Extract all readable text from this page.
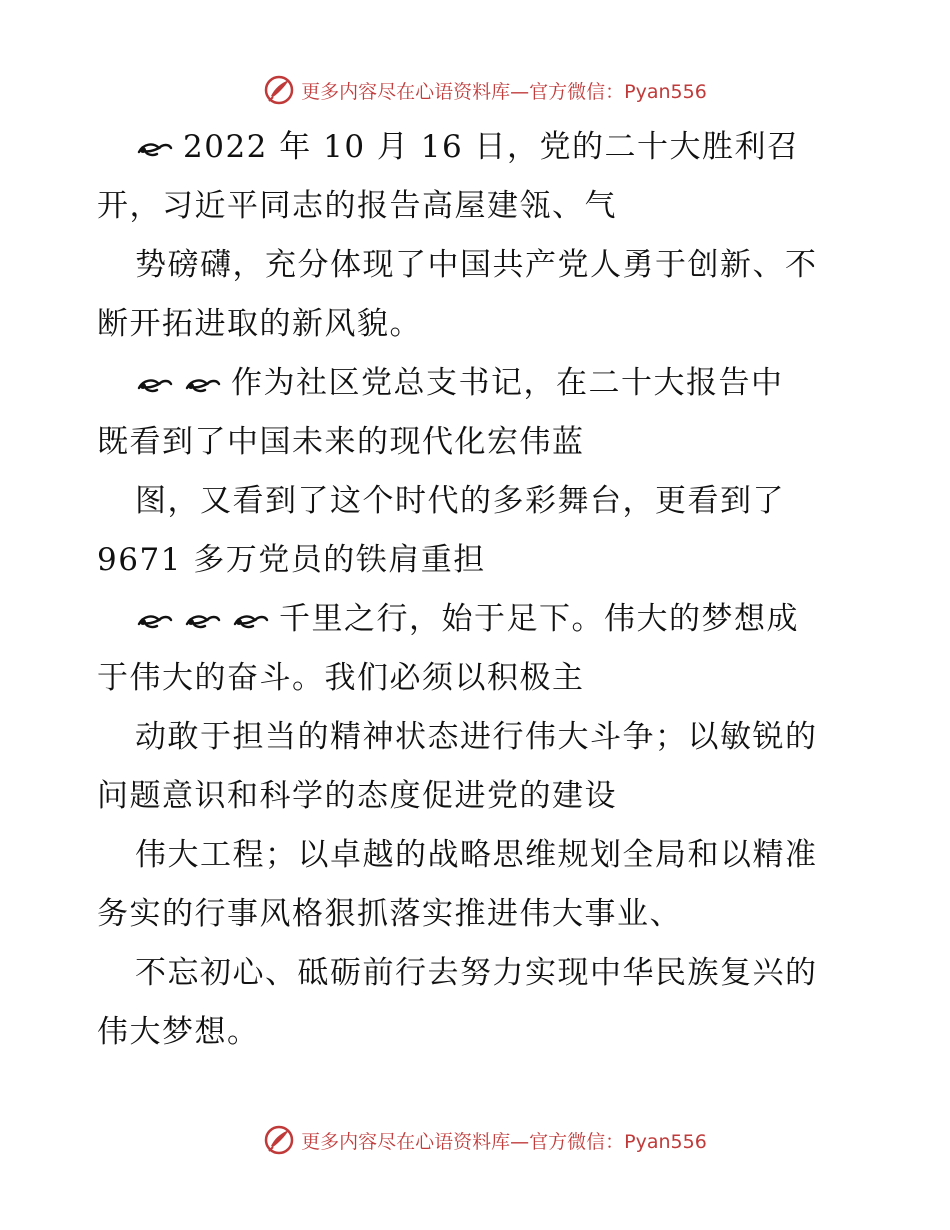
更多内容尽在心语资料库—官方微信：Pyan556
2022 年 10 月 16 日，党的二十大胜利召
开，习近平同志的报告高屋建瓴、气
势磅礴，充分体现了中国共产党人勇于创新、不
断开拓进取的新风貌。
作为社区党总支书记，在二十大报告中
既看到了中国未来的现代化宏伟蓝
图，又看到了这个时代的多彩舞台，更看到了
9671 多万党员的铁肩重担
千里之行，始于足下。伟大的梦想成
于伟大的奋斗。我们必须以积极主
动敢于担当的精神状态进行伟大斗争；以敏锐的
问题意识和科学的态度促进党的建设
伟大工程；以卓越的战略思维规划全局和以精准
务实的行事风格狠抓落实推进伟大事业、
不忘初心、砥砺前行去努力实现中华民族复兴的
伟大梦想。
更多内容尽在心语资料库—官方微信：Pyan556
